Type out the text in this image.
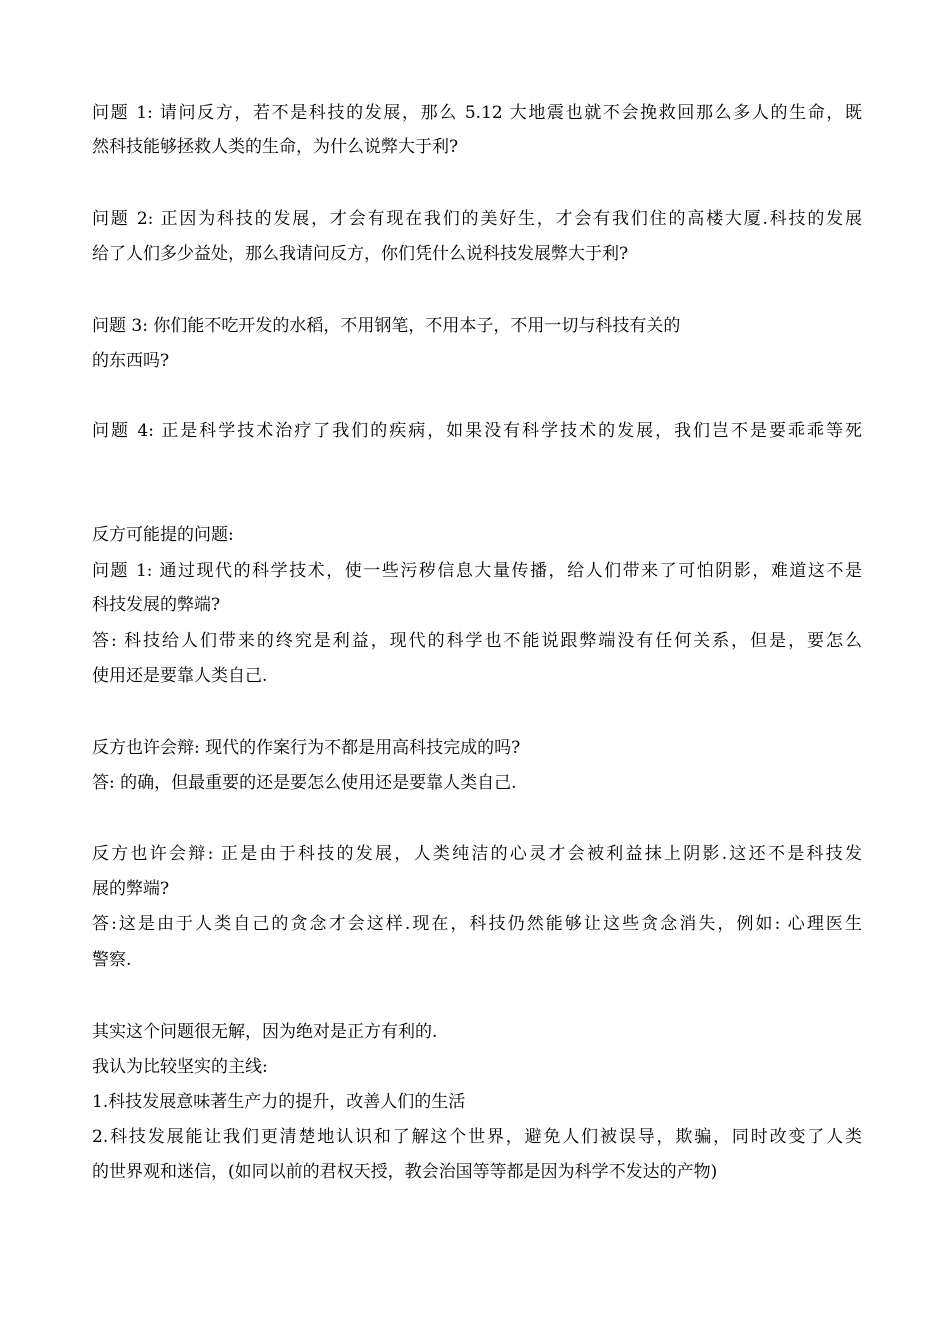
问题 1: 请问反方，若不是科技的发展，那么 5.12 大地震也就不会挽救回那么多人的生命，既
然科技能够拯救人类的生命，为什么说弊大于利?
问题 2: 正因为科技的发展，才会有现在我们的美好生，才会有我们住的高楼大厦.科技的发展
给了人们多少益处，那么我请问反方，你们凭什么说科技发展弊大于利?
问题 3: 你们能不吃开发的水稻，不用钢笔，不用本子，不用一切与科技有关的
的东西吗?
问题 4: 正是科学技术治疗了我们的疾病，如果没有科学技术的发展，我们岂不是要乖乖等死
反方可能提的问题:
问题 1: 通过现代的科学技术，使一些污秽信息大量传播，给人们带来了可怕阴影，难道这不是
科技发展的弊端?
答: 科技给人们带来的终究是利益，现代的科学也不能说跟弊端没有任何关系，但是，要怎么
使用还是要靠人类自己.
反方也许会辩: 现代的作案行为不都是用高科技完成的吗?
答: 的确，但最重要的还是要怎么使用还是要靠人类自己.
反方也许会辩: 正是由于科技的发展，人类纯洁的心灵才会被利益抹上阴影.这还不是科技发
展的弊端?
答:这是由于人类自己的贪念才会这样.现在，科技仍然能够让这些贪念消失，例如: 心理医生
警察.
其实这个问题很无解，因为绝对是正方有利的.
我认为比较坚实的主线:
1.科技发展意味著生产力的提升，改善人们的生活
2.科技发展能让我们更清楚地认识和了解这个世界，避免人们被误导，欺骗，同时改变了人类
的世界观和迷信，(如同以前的君权天授，教会治国等等都是因为科学不发达的产物)
